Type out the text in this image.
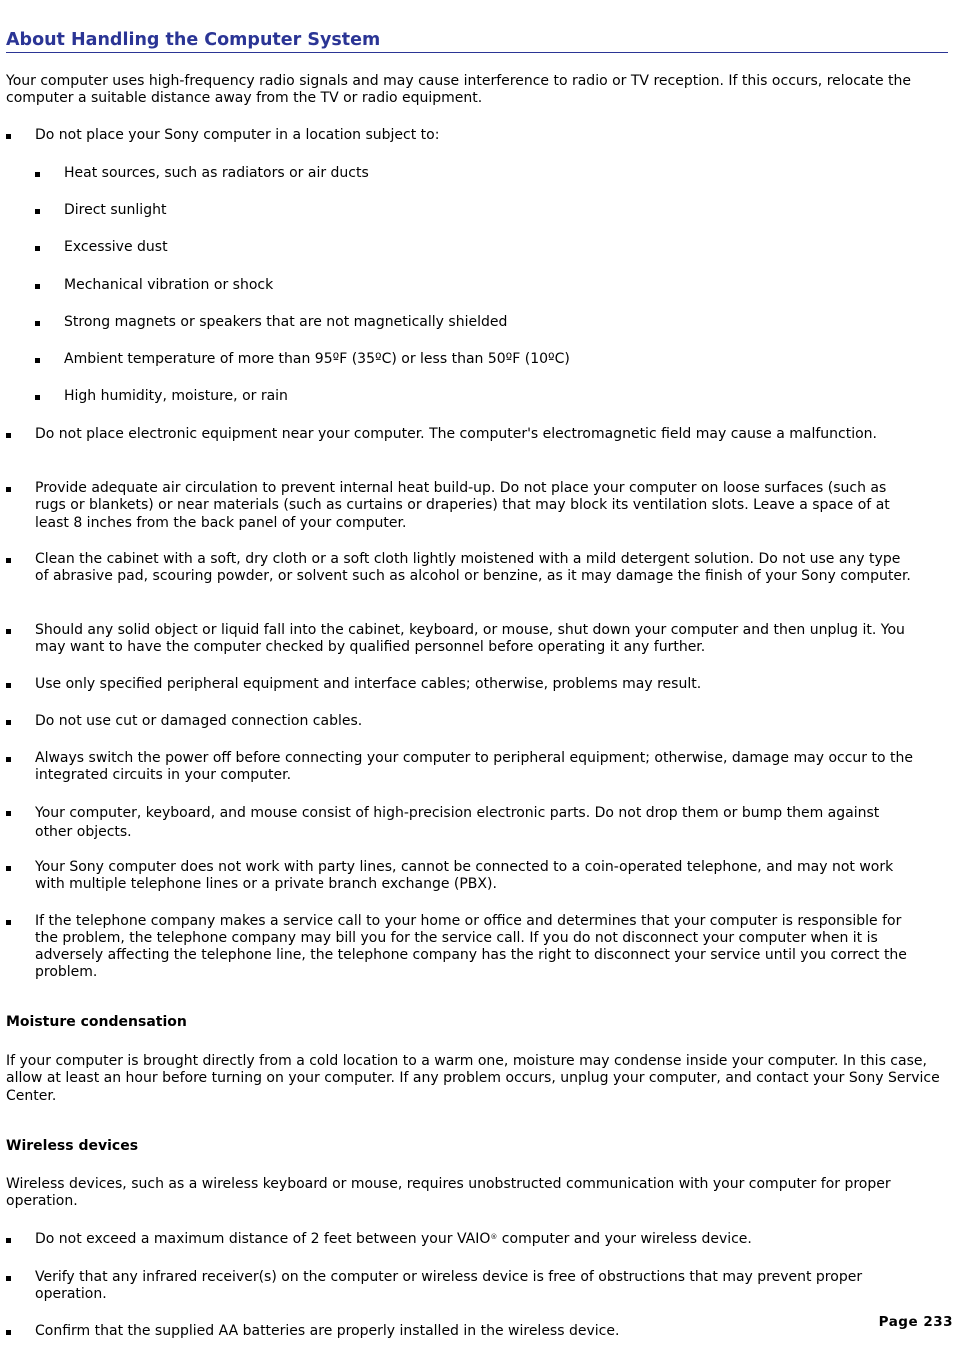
About Handling the Computer System

Your computer uses high-frequency radio signals and may cause interference to radio or TV reception. If this occurs, relocate the computer a suitable distance away from the TV or radio equipment.

Do not place your Sony computer in a location subject to:

Heat sources, such as radiators or air ducts

Direct sunlight

Excessive dust

Mechanical vibration or shock

Strong magnets or speakers that are not magnetically shielded

Ambient temperature of more than 95ºF (35ºC) or less than 50ºF (10ºC)

High humidity, moisture, or rain

Do not place electronic equipment near your computer. The computer's electromagnetic field may cause a malfunction.

Provide adequate air circulation to prevent internal heat build-up. Do not place your computer on loose surfaces (such as rugs or blankets) or near materials (such as curtains or draperies) that may block its ventilation slots. Leave a space of at least 8 inches from the back panel of your computer.

Clean the cabinet with a soft, dry cloth or a soft cloth lightly moistened with a mild detergent solution. Do not use any type of abrasive pad, scouring powder, or solvent such as alcohol or benzine, as it may damage the finish of your Sony computer.

Should any solid object or liquid fall into the cabinet, keyboard, or mouse, shut down your computer and then unplug it. You may want to have the computer checked by qualified personnel before operating it any further.

Use only specified peripheral equipment and interface cables; otherwise, problems may result.

Do not use cut or damaged connection cables.

Always switch the power off before connecting your computer to peripheral equipment; otherwise, damage may occur to the integrated circuits in your computer.

Your computer, keyboard, and mouse consist of high-precision electronic parts. Do not drop them or bump them against other objects.

Your Sony computer does not work with party lines, cannot be connected to a coin-operated telephone, and may not work with multiple telephone lines or a private branch exchange (PBX).

If the telephone company makes a service call to your home or office and determines that your computer is responsible for the problem, the telephone company may bill you for the service call. If you do not disconnect your computer when it is adversely affecting the telephone line, the telephone company has the right to disconnect your service until you correct the problem.

Moisture condensation

If your computer is brought directly from a cold location to a warm one, moisture may condense inside your computer. In this case, allow at least an hour before turning on your computer. If any problem occurs, unplug your computer, and contact your Sony Service Center.

Wireless devices

Wireless devices, such as a wireless keyboard or mouse, requires unobstructed communication with your computer for proper operation.

Do not exceed a maximum distance of 2 feet between your VAIO® computer and your wireless device.

Verify that any infrared receiver(s) on the computer or wireless device is free of obstructions that may prevent proper operation.

Confirm that the supplied AA batteries are properly installed in the wireless device.

Page 233
